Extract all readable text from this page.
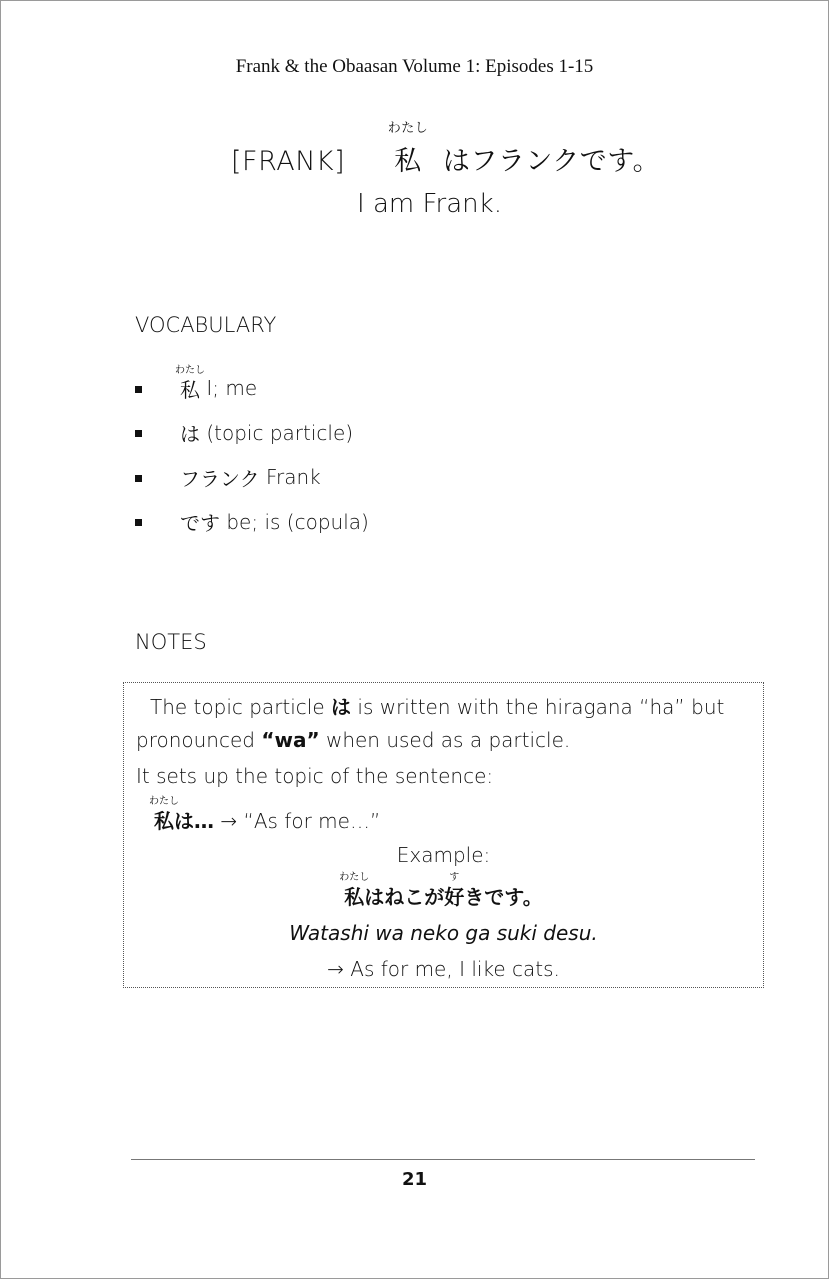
Frank & the Obaasan Volume 1: Episodes 1-15
[FRANK]
わたし
私 はフランクです。
I am Frank.
VOCABULARY
わたし
私 I; me
は (topic particle)
フランク Frank
です be; is (copula)
NOTES
The topic particle は is written with the hiragana “ha” but
pronounced “wa” when used as a particle.
It sets up the topic of the sentence:
わたし
私は… → “As for me…”
Example:
わたし
私はねこが
す
好きです。
Watashi wa neko ga suki desu.
→ As for me, I like cats.
21
